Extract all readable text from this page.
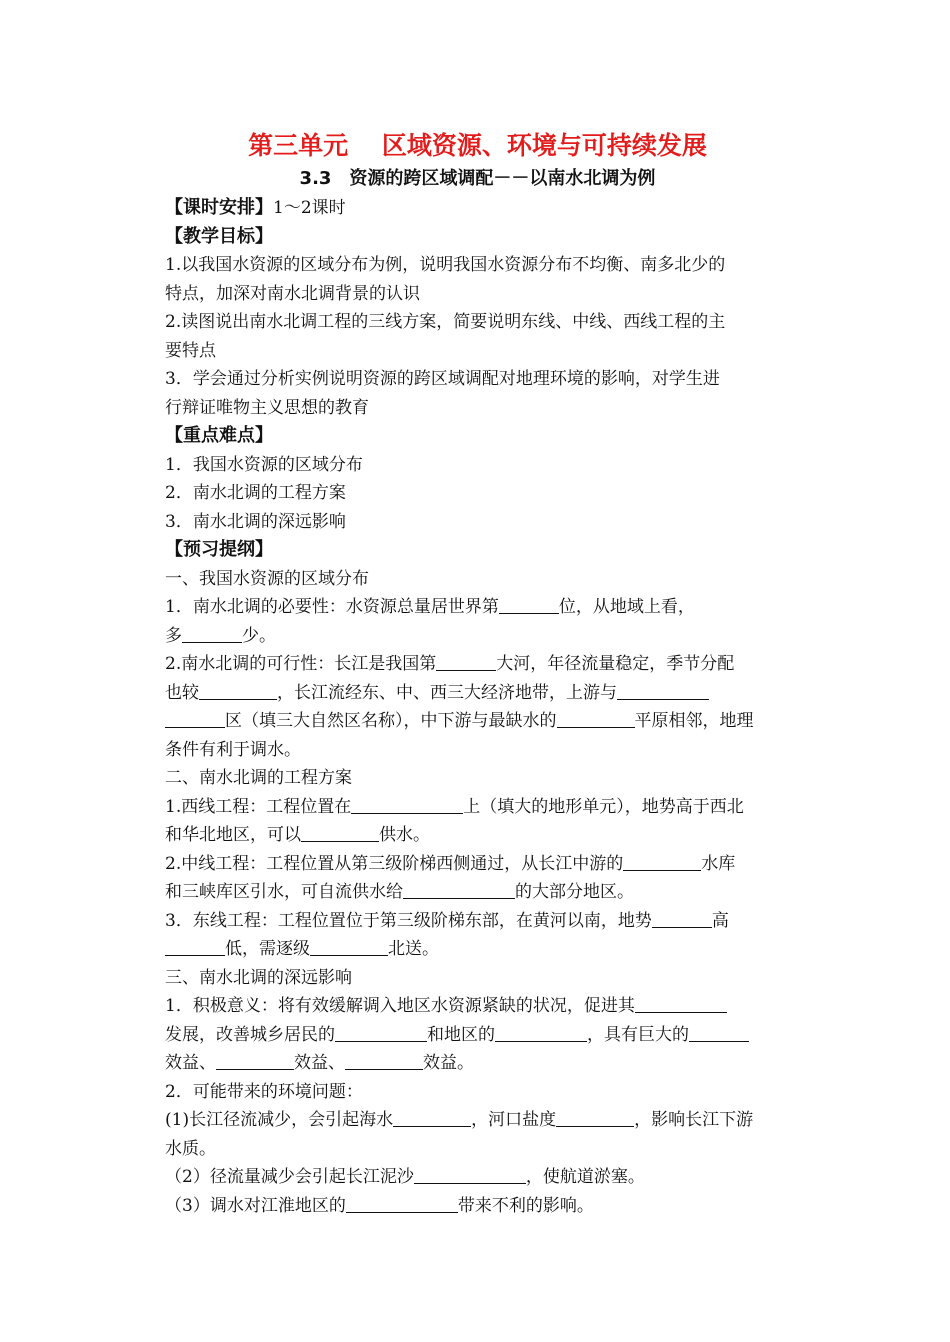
第三单元　 区域资源、环境与可持续发展
3.3　资源的跨区域调配－－以南水北调为例
【课时安排】1～2课时
【教学目标】
1.以我国水资源的区域分布为例，说明我国水资源分布不均衡、南多北少的
特点，加深对南水北调背景的认识
2.读图说出南水北调工程的三线方案，简要说明东线、中线、西线工程的主
要特点
3．学会通过分析实例说明资源的跨区域调配对地理环境的影响，对学生进
行辩证唯物主义思想的教育
【重点难点】
1．我国水资源的区域分布
2．南水北调的工程方案
3．南水北调的深远影响
【预习提纲】
一、我国水资源的区域分布
1．南水北调的必要性：水资源总量居世界第	位，从地域上看，
多	少。
2.南水北调的可行性：长江是我国第	大河，年径流量稳定，季节分配
也较	，长江流经东、中、西三大经济地带，上游与
区（填三大自然区名称），中下游与最缺水的	平原相邻，地理
条件有利于调水。
二、南水北调的工程方案
1.西线工程：工程位置在	上（填大的地形单元），地势高于西北
和华北地区，可以	供水。
2.中线工程：工程位置从第三级阶梯西侧通过，从长江中游的	水库
和三峡库区引水，可自流供水给	的大部分地区。
3．东线工程：工程位置位于第三级阶梯东部，在黄河以南，地势	高
低，需逐级	北送。
三、南水北调的深远影响
1．积极意义：将有效缓解调入地区水资源紧缺的状况，促进其
发展，改善城乡居民的	和地区的	，具有巨大的
效益、	效益、	效益。
2．可能带来的环境问题：
(1)长江径流减少，会引起海水	，河口盐度	，影响长江下游
水质。
（2）径流量减少会引起长江泥沙	，使航道淤塞。
（3）调水对江淮地区的	带来不利的影响。
